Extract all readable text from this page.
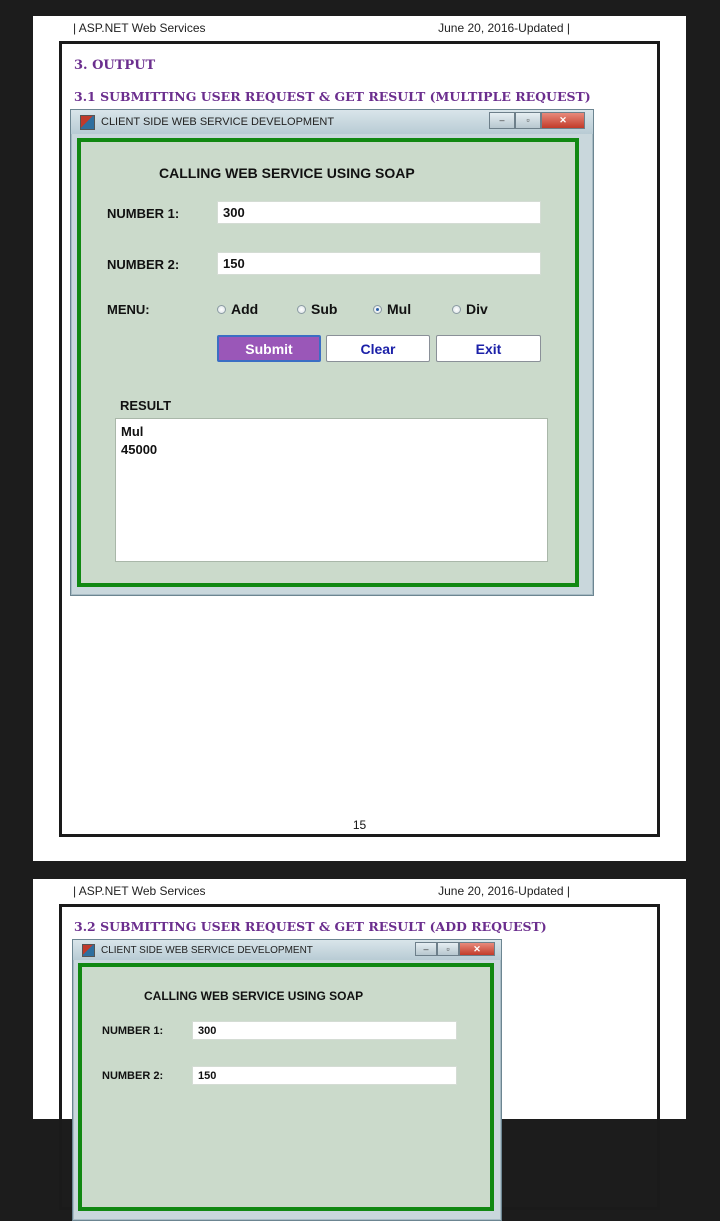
| ASP.NET Web Services	June 20, 2016-Updated |
3. OUTPUT
3.1 SUBMITTING USER REQUEST & GET RESULT (MULTIPLE REQUEST)
CLIENT SIDE WEB SERVICE DEVELOPMENT	–	▫	✕
CALLING WEB SERVICE USING SOAP
NUMBER 1:	300
NUMBER 2:	150
MENU:	Add	Sub	Mul	Div
Submit	Clear	Exit
RESULT
Mul
45000
15
| ASP.NET Web Services	June 20, 2016-Updated |
3.2 SUBMITTING USER REQUEST & GET RESULT (ADD REQUEST)
CLIENT SIDE WEB SERVICE DEVELOPMENT	–	▫	✕
CALLING WEB SERVICE USING SOAP
NUMBER 1:	300
NUMBER 2:	150
